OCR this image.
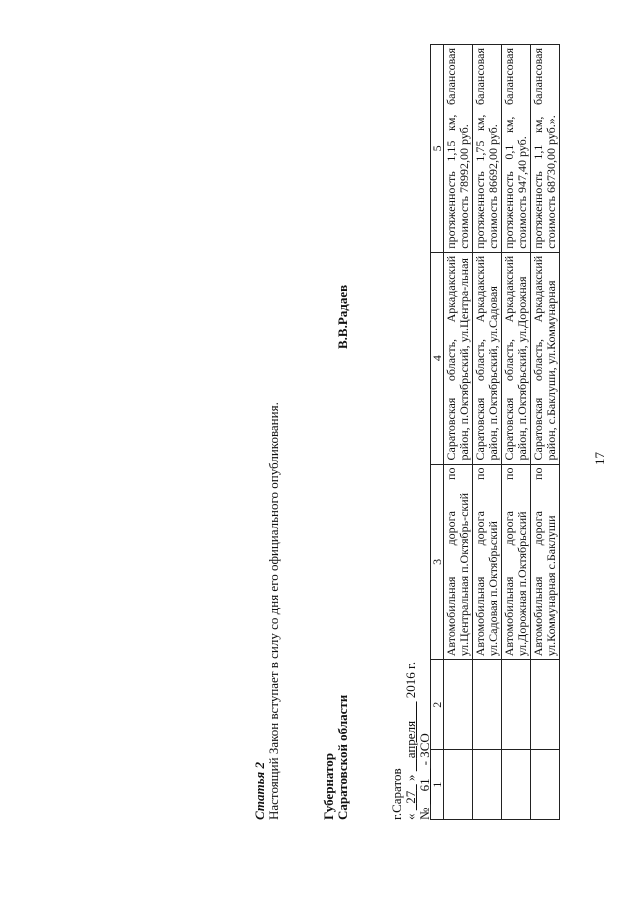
17
1	2	3	4	5
		Автомобильная дорога по ул.Центральная п.Октябрь-ский	Саратовская область, Аркадакский район, п.Октябрьский, ул.Центра-льная	протяженность 1,15 км, балансовая стоимость 78992,00 руб.
		Автомобильная дорога по ул.Садовая п.Октябрьский	Саратовская область, Аркадакский район, п.Октябрьский, ул.Садовая	протяженность 1,75 км, балансовая стоимость 86692,00 руб.
		Автомобильная дорога по ул.Дорожная п.Октябрьский	Саратовская область, Аркадакский район, п.Октябрьский, ул.Дорожная	протяженность 0,1 км, балансовая стоимость 947,40 руб.
		Автомобильная дорога по ул.Коммунарная с.Баклуши	Саратовская область, Аркадакский район, с.Баклуши, ул.Коммунарная	протяженность 1,1 км, балансовая стоимость 68730,00 руб.».
Статья 2 Настоящий Закон вступает в силу со дня его официального опубликования.	Губернатор Саратовской области
В.В.Радаев
г.Саратов «   27   »     апреля       2016 г.
№     61    - ЗСО
